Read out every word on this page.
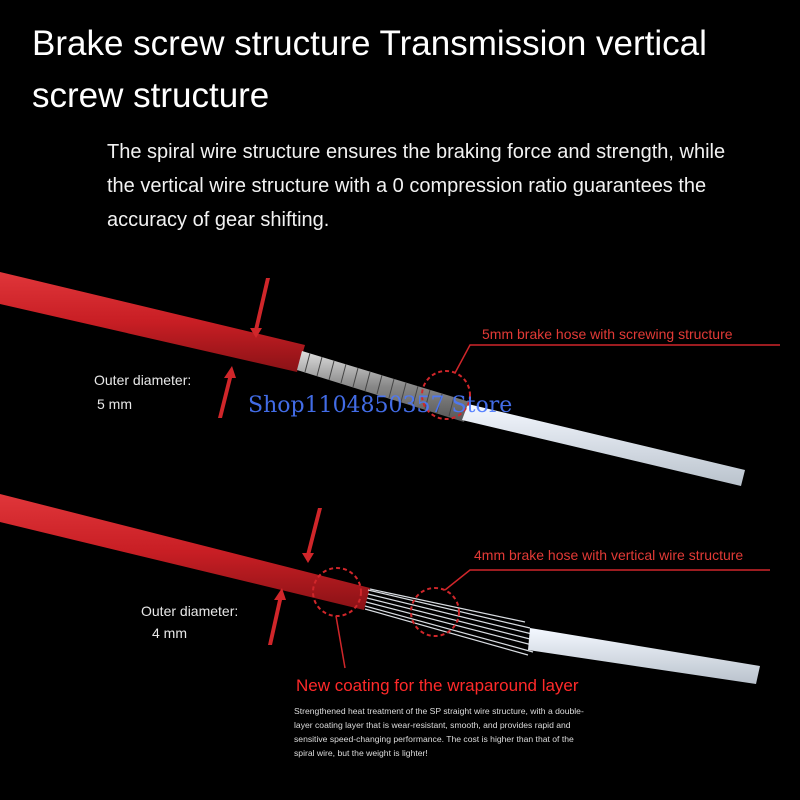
Brake screw structure Transmission vertical screw structure
The spiral wire structure ensures the braking force and strength, while the vertical wire structure with a 0 compression ratio guarantees the accuracy of gear shifting.
Outer diameter:
5 mm
5mm brake hose with screwing structure
Outer diameter:
4 mm
4mm brake hose with vertical wire structure
New coating for the wraparound layer
Strengthened heat treatment of the SP straight wire structure, with a double-layer coating layer that is wear-resistant, smooth, and provides rapid and sensitive speed-changing performance. The cost is higher than that of the spiral wire, but the weight is lighter!
Shop1104850357 Store
